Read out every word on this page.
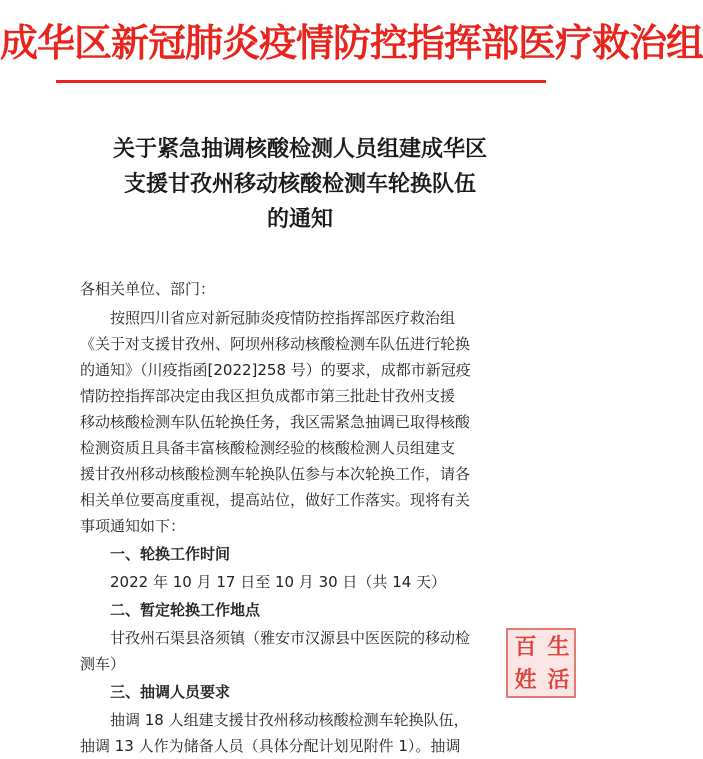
成华区新冠肺炎疫情防控指挥部医疗救治组
关于紧急抽调核酸检测人员组建成华区
支援甘孜州移动核酸检测车轮换队伍
的通知
各相关单位、部门：
按照四川省应对新冠肺炎疫情防控指挥部医疗救治组
《关于对支援甘孜州、阿坝州移动核酸检测车队伍进行轮换
的通知》（川疫指函[2022]258 号）的要求，成都市新冠疫
情防控指挥部决定由我区担负成都市第三批赴甘孜州支援
移动核酸检测车队伍轮换任务，我区需紧急抽调已取得核酸
检测资质且具备丰富核酸检测经验的核酸检测人员组建支
援甘孜州移动核酸检测车轮换队伍参与本次轮换工作，请各
相关单位要高度重视，提高站位，做好工作落实。现将有关
事项通知如下：
一、轮换工作时间
2022 年 10 月 17 日至 10 月 30 日（共 14 天）
二、暂定轮换工作地点
甘孜州石渠县洛须镇（雅安市汉源县中医医院的移动检
测车）
三、抽调人员要求
抽调 18 人组建支援甘孜州移动核酸检测车轮换队伍，
抽调 13 人作为储备人员（具体分配计划见附件 1）。抽调
百 生
姓 活
